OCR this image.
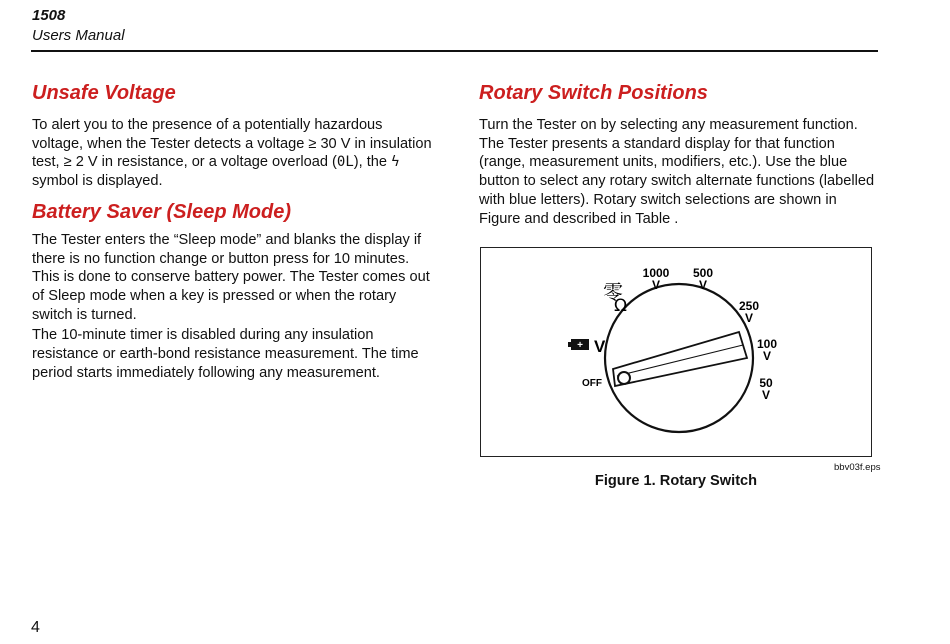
1508
Users Manual
Unsafe Voltage

To alert you to the presence of a potentially hazardous voltage, when the Tester detects a voltage ≥ 30 V in insulation test, ≥ 2 V in resistance, or a voltage overload (0L), the ϟ symbol is displayed.

Battery Saver (Sleep Mode)

The Tester enters the “Sleep mode” and blanks the display if there is no function change or button press for 10 minutes. This is done to conserve battery power. The Tester comes out of Sleep mode when a key is pressed or when the rotary switch is turned.

The 10-minute timer is disabled during any insulation resistance or earth-bond resistance measurement. The time period starts immediately following any measurement.

Rotary Switch Positions

Turn the Tester on by selecting any measurement function. The Tester presents a standard display for that function (range, measurement units, modifiers, etc.). Use the blue button to select any rotary switch alternate functions (labelled with blue letters). Rotary switch selections are shown in Figure and described in Table .

+
零
Ω
1000
V
500
V
250
V
100
V
50
V
V
OFF
bbv03f.eps
Figure 1. Rotary Switch
4
